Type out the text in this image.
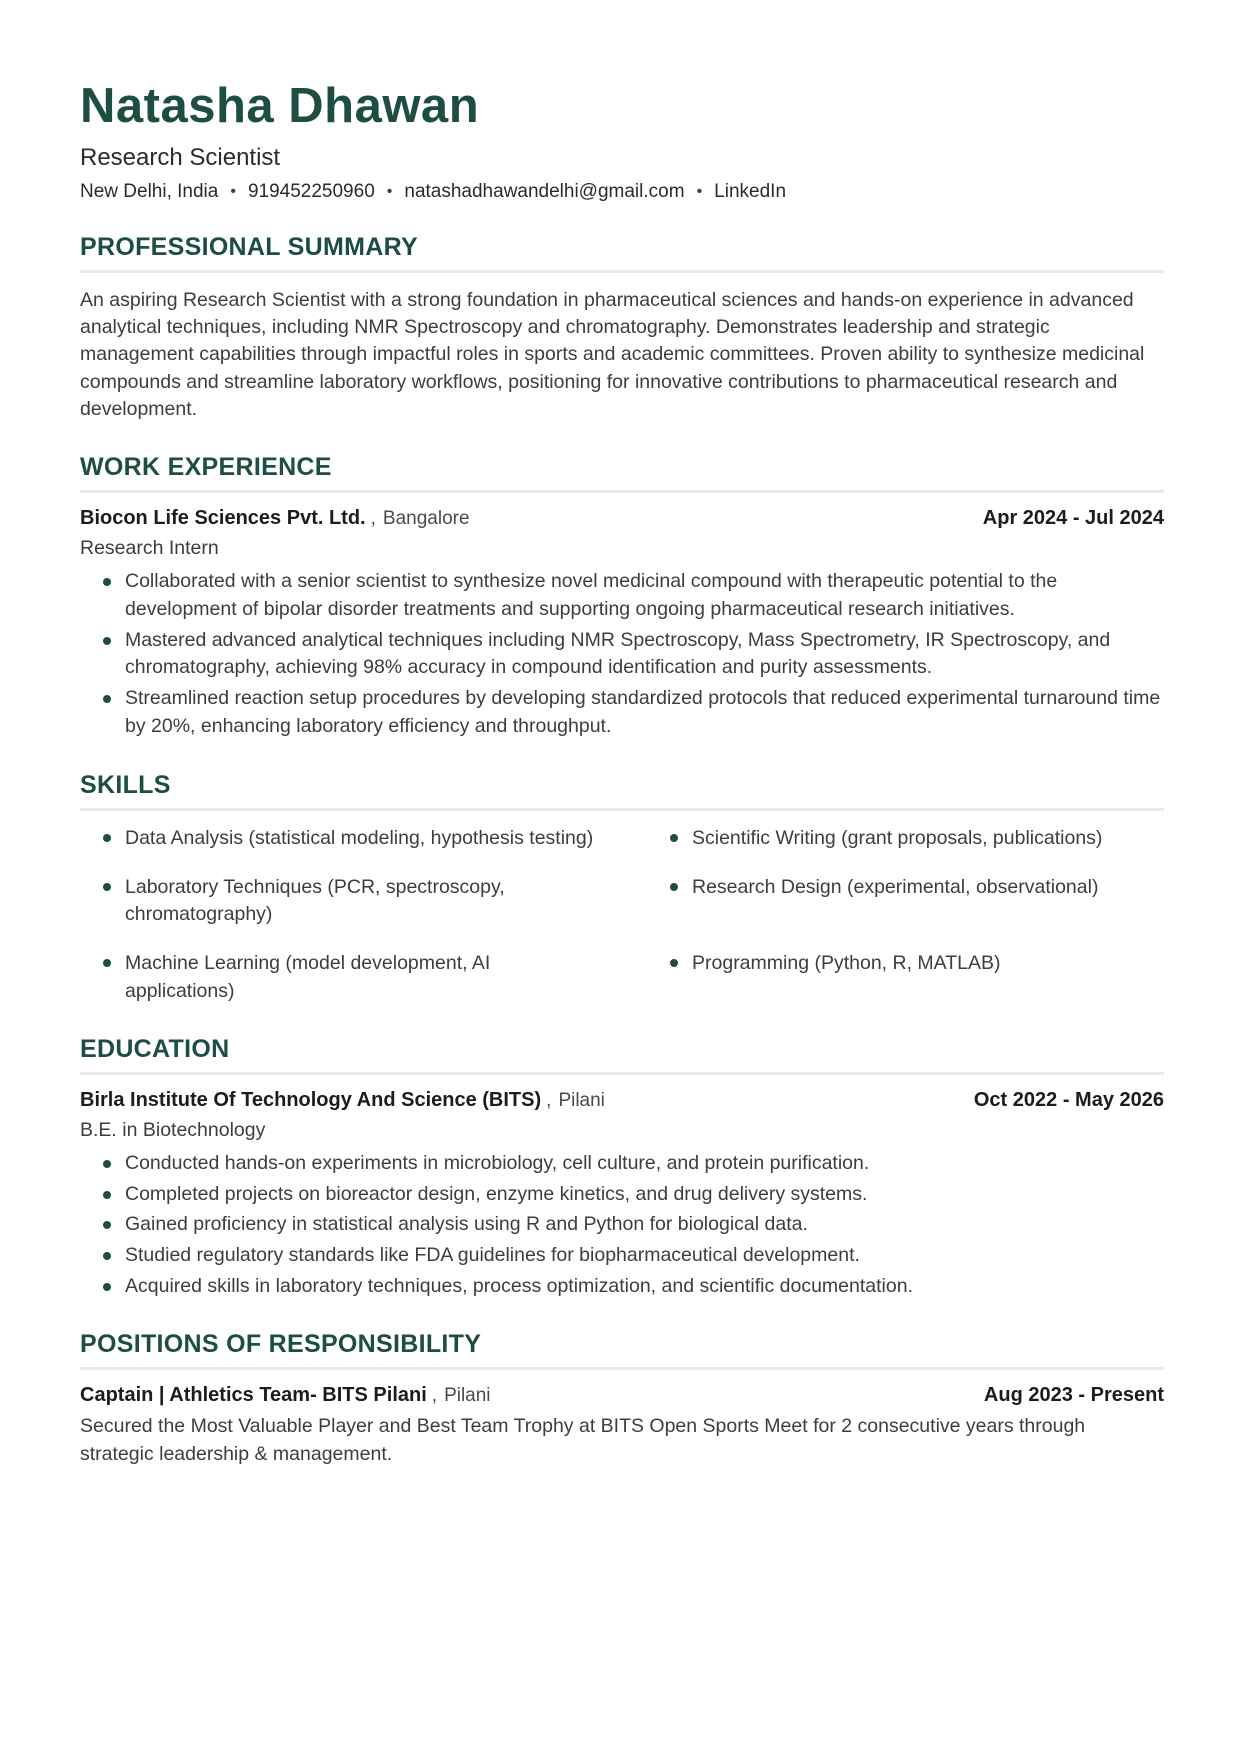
Natasha Dhawan
Research Scientist
New Delhi, India • 919452250960 • natashadhawandelhi@gmail.com • LinkedIn
PROFESSIONAL SUMMARY

An aspiring Research Scientist with a strong foundation in pharmaceutical sciences and hands-on experience in advanced analytical techniques, including NMR Spectroscopy and chromatography. Demonstrates leadership and strategic management capabilities through impactful roles in sports and academic committees. Proven ability to synthesize medicinal compounds and streamline laboratory workflows, positioning for innovative contributions to pharmaceutical research and development.

WORK EXPERIENCE
Biocon Life Sciences Pvt. Ltd. , Bangalore	Apr 2024 - Jul 2024
Research Intern
Collaborated with a senior scientist to synthesize novel medicinal compound with therapeutic potential to the development of bipolar disorder treatments and supporting ongoing pharmaceutical research initiatives.
Mastered advanced analytical techniques including NMR Spectroscopy, Mass Spectrometry, IR Spectroscopy, and chromatography, achieving 98% accuracy in compound identification and purity assessments.
Streamlined reaction setup procedures by developing standardized protocols that reduced experimental turnaround time by 20%, enhancing laboratory efficiency and throughput.
SKILLS
Data Analysis (statistical modeling, hypothesis testing)	Scientific Writing (grant proposals, publications)
Laboratory Techniques (PCR, spectroscopy, chromatography)
Research Design (experimental, observational)
Machine Learning (model development, AI applications)
Programming (Python, R, MATLAB)
EDUCATION
Birla Institute Of Technology And Science (BITS) , Pilani	Oct 2022 - May 2026
B.E. in Biotechnology
Conducted hands-on experiments in microbiology, cell culture, and protein purification.
Completed projects on bioreactor design, enzyme kinetics, and drug delivery systems.
Gained proficiency in statistical analysis using R and Python for biological data.
Studied regulatory standards like FDA guidelines for biopharmaceutical development.
Acquired skills in laboratory techniques, process optimization, and scientific documentation.
POSITIONS OF RESPONSIBILITY
Captain | Athletics Team- BITS Pilani , Pilani	Aug 2023 - Present

Secured the Most Valuable Player and Best Team Trophy at BITS Open Sports Meet for 2 consecutive years through strategic leadership & management.
